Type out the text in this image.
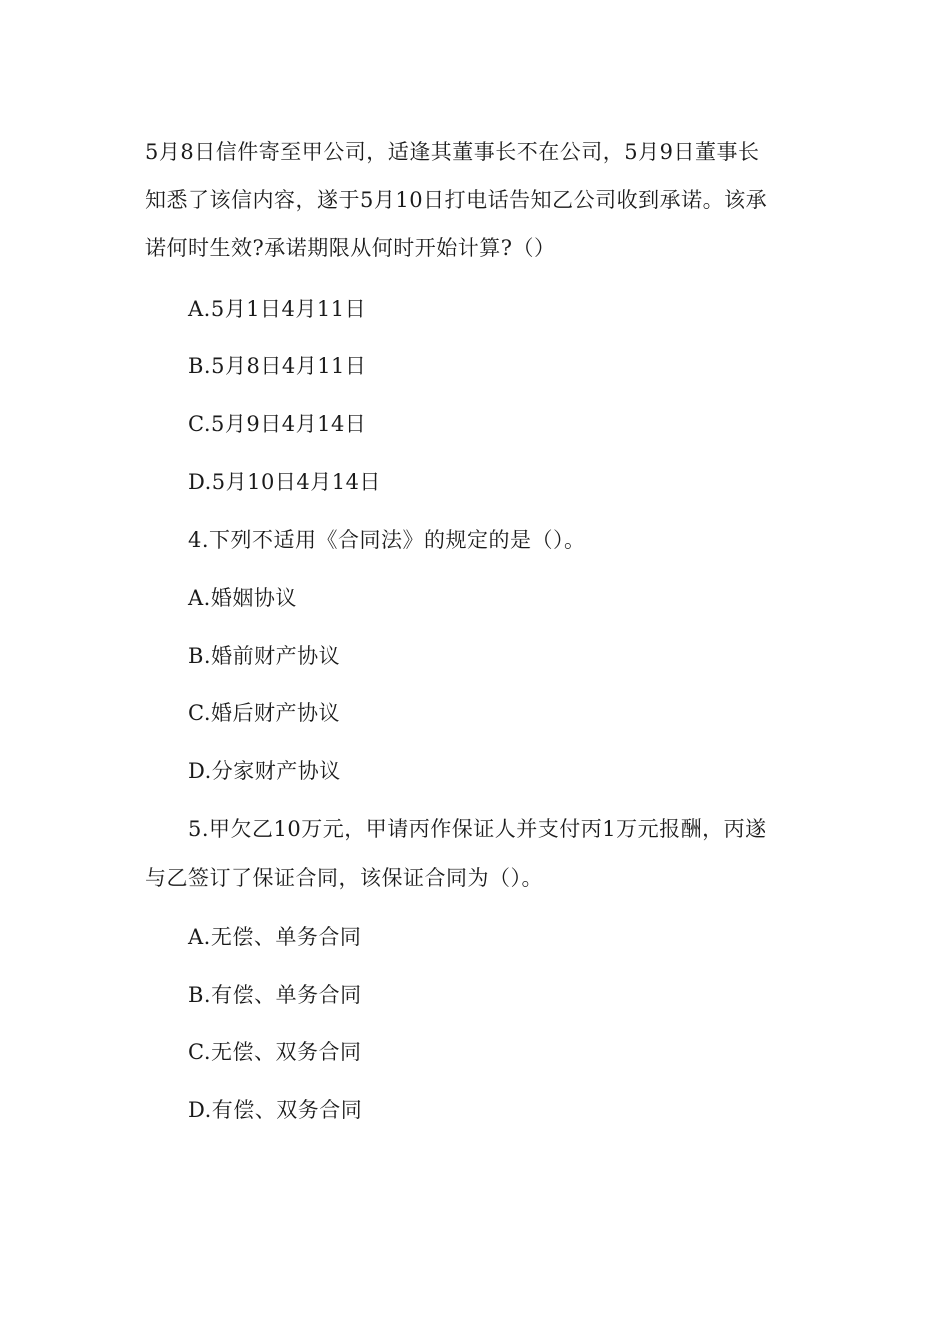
5月8日信件寄至甲公司，适逢其董事长不在公司，5月9日董事长
知悉了该信内容，遂于5月10日打电话告知乙公司收到承诺。该承
诺何时生效?承诺期限从何时开始计算?（）
A.5月1日4月11日
B.5月8日4月11日
C.5月9日4月14日
D.5月10日4月14日
4.下列不适用《合同法》的规定的是（）。
A.婚姻协议
B.婚前财产协议
C.婚后财产协议
D.分家财产协议
5.甲欠乙10万元，甲请丙作保证人并支付丙1万元报酬，丙遂
与乙签订了保证合同，该保证合同为（）。
A.无偿、单务合同
B.有偿、单务合同
C.无偿、双务合同
D.有偿、双务合同
